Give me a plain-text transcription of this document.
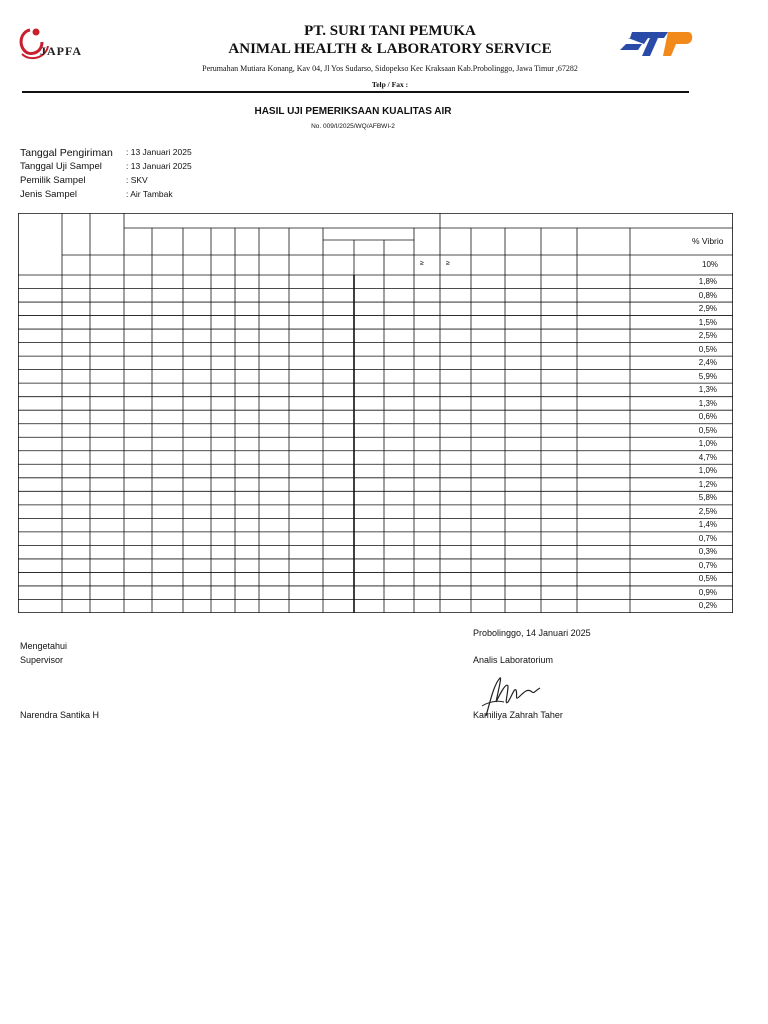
JAPFA
PT. SURI TANI PEMUKA
ANIMAL HEALTH & LABORATORY SERVICE
Perumahan Mutiara Konang, Kav 04, Jl Yos Sudarso, Sidopekso Kec Kraksaan Kab.Probolinggo, Jawa Timur ,67282
Telp / Fax :
HASIL UJI PEMERIKSAAN KUALITAS AIR
No. 009/I/2025/WQ/AFBWI-2
Tanggal Pengiriman	: 13 Januari 2025
Tanggal Uji Sampel	: 13 Januari 2025
Pemilik Sampel	: SKV
Jenis Sampel	: Air Tambak
% Vibrio
10%
≥	≥
1,8%
0,8%
2,9%
1,5%
2,5%
0,5%
2,4%
5,9%
1,3%
1,3%
0,6%
0,5%
1,0%
4,7%
1,0%
1,2%
5,8%
2,5%
1,4%
0,7%
0,3%
0,7%
0,5%
0,9%
0,2%
Probolinggo, 14 Januari 2025
Mengetahui
Supervisor	Analis Laboratorium
Narendra Santika H	Kamiliya Zahrah Taher
